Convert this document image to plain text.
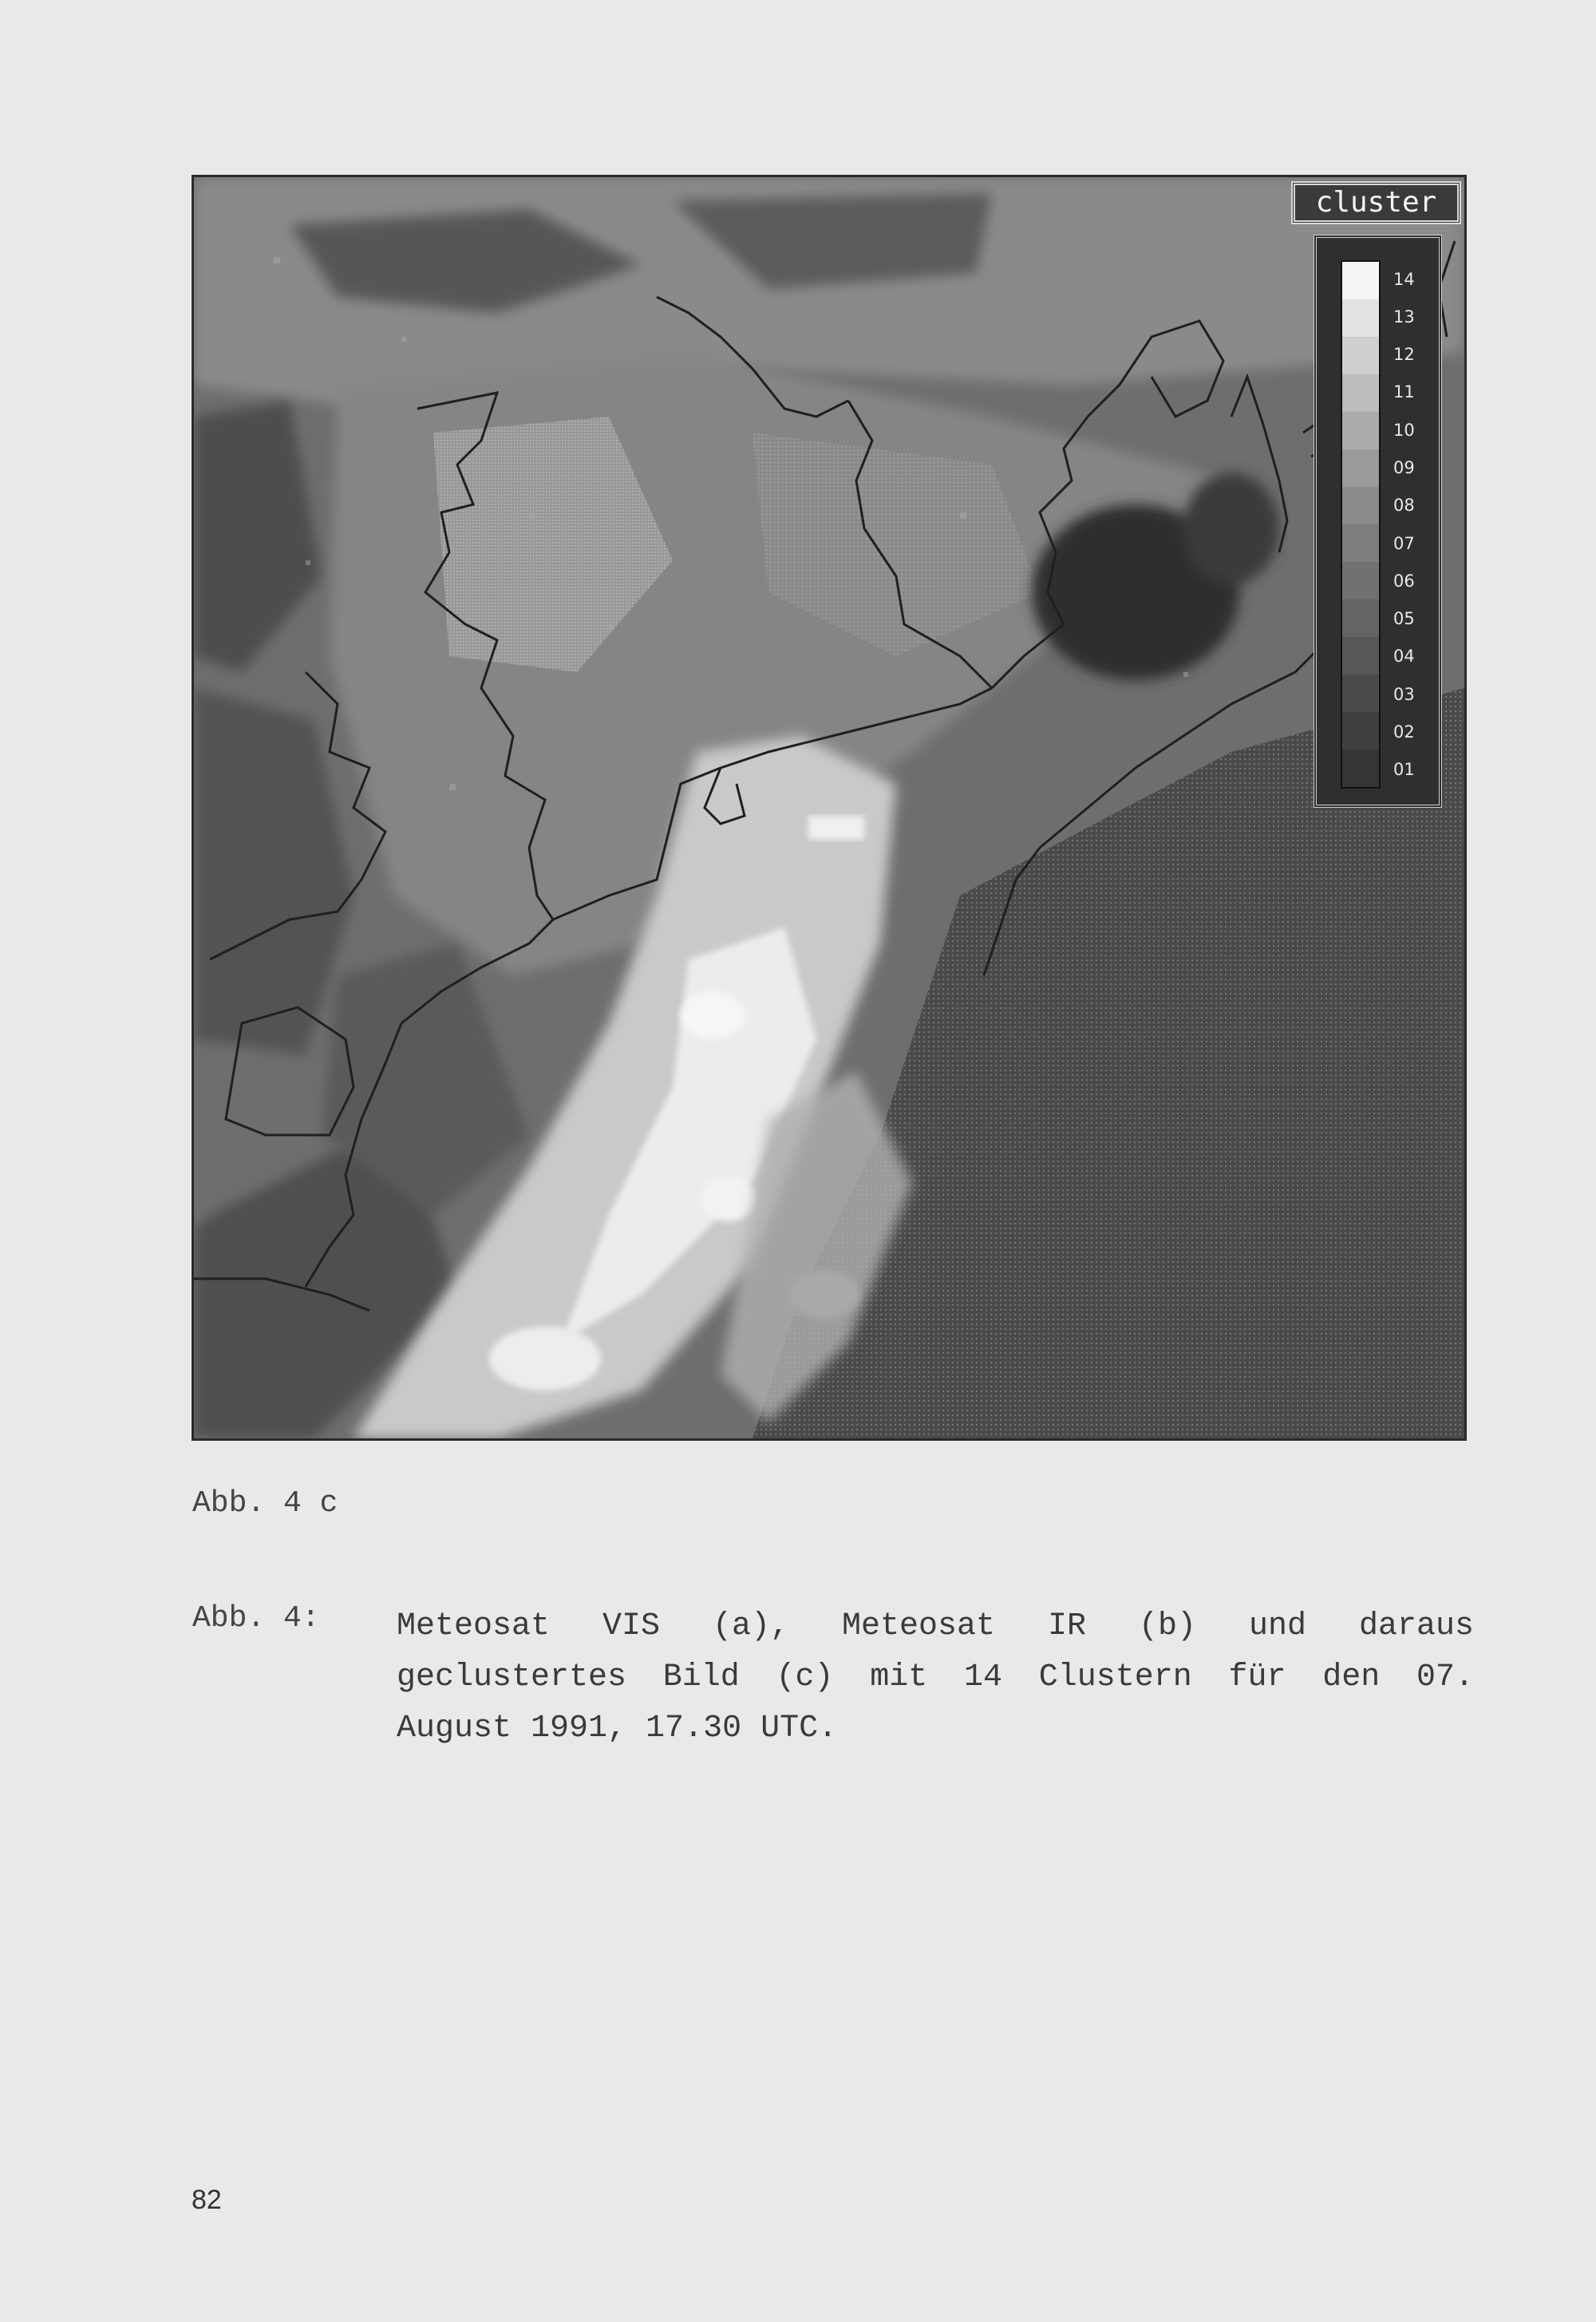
cluster
14
13
12
11
10
09
08
07
06
05
04
03
02
01
Abb. 4 c
Abb. 4: Meteosat VIS (a), Meteosat IR (b) und daraus
geclustertes Bild (c) mit 14 Clustern für den 07.
August 1991, 17.30 UTC.
82
